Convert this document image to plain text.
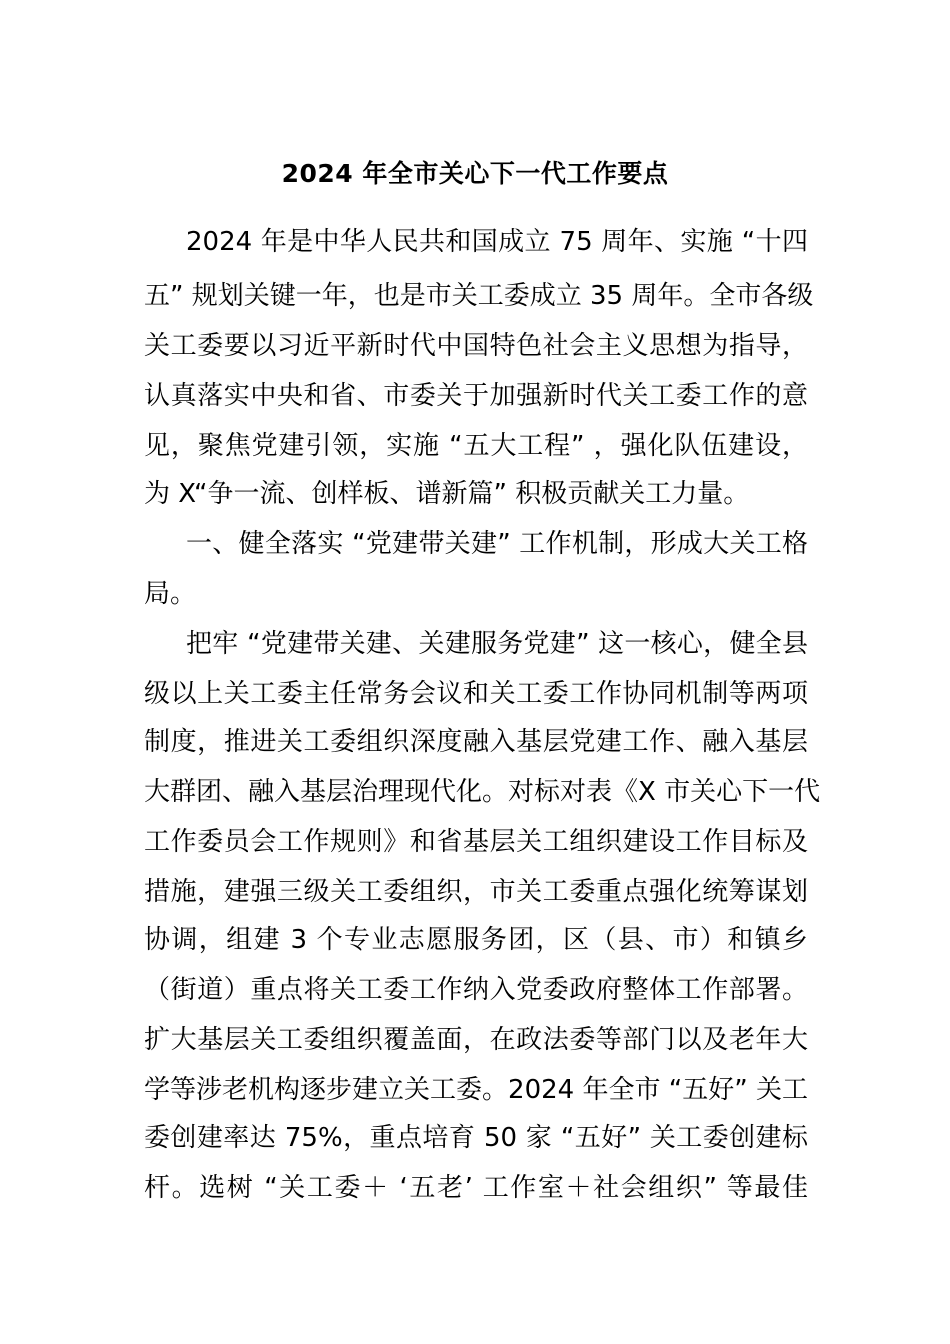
2024 年全市关心下一代工作要点
2024 年是中华人民共和国成立 75 周年、实施 “十四
五” 规划关键一年，也是市关工委成立 35 周年。全市各级
关工委要以习近平新时代中国特色社会主义思想为指导，
认真落实中央和省、市委关于加强新时代关工委工作的意
见，聚焦党建引领，实施 “五大工程” ，强化队伍建设，
为 X“争一流、创样板、谱新篇” 积极贡献关工力量。
一、健全落实 “党建带关建” 工作机制，形成大关工格
局。
把牢 “党建带关建、关建服务党建” 这一核心，健全县
级以上关工委主任常务会议和关工委工作协同机制等两项
制度，推进关工委组织深度融入基层党建工作、融入基层
大群团、融入基层治理现代化。对标对表《X 市关心下一代
工作委员会工作规则》和省基层关工组织建设工作目标及
措施，建强三级关工委组织，市关工委重点强化统筹谋划
协调，组建 3 个专业志愿服务团，区（县、市）和镇乡
（街道）重点将关工委工作纳入党委政府整体工作部署。
扩大基层关工委组织覆盖面，在政法委等部门以及老年大
学等涉老机构逐步建立关工委。2024 年全市 “五好” 关工
委创建率达 75%，重点培育 50 家 “五好” 关工委创建标
杆。选树 “关工委＋ ‘五老’ 工作室＋社会组织” 等最佳
